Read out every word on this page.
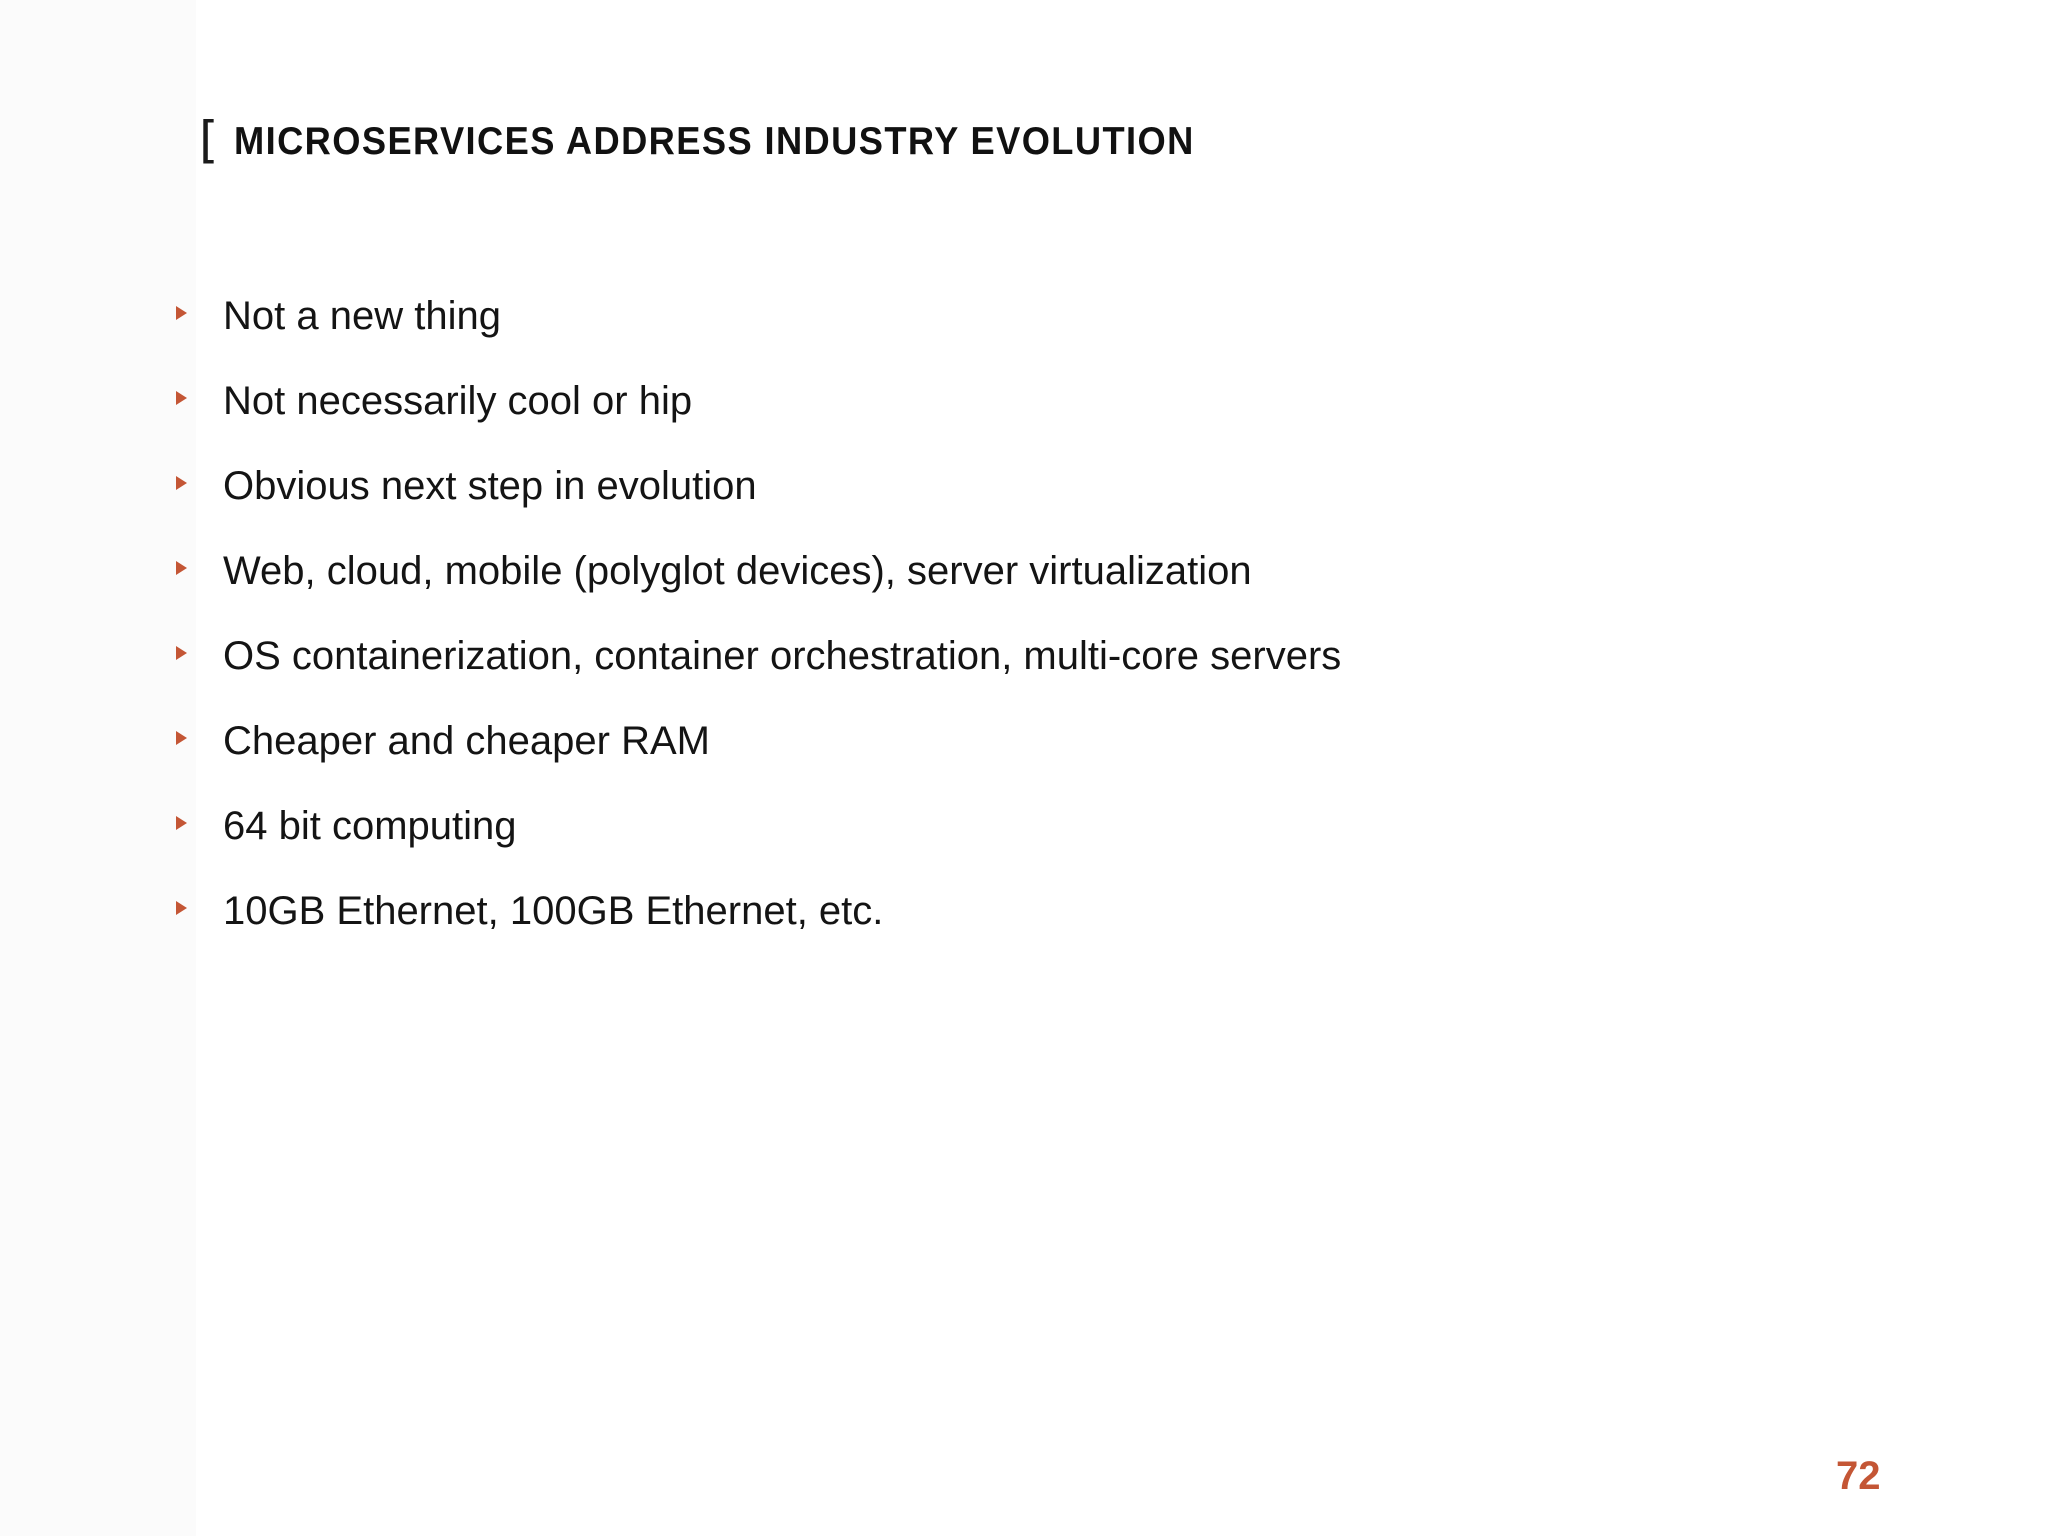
[ MICROSERVICES ADDRESS INDUSTRY EVOLUTION
Not a new thing
Not necessarily cool or hip
Obvious next step in evolution
Web, cloud, mobile (polyglot devices), server virtualization
OS containerization, container orchestration, multi-core servers
Cheaper and cheaper RAM
64 bit computing
10GB Ethernet, 100GB Ethernet, etc.
72
